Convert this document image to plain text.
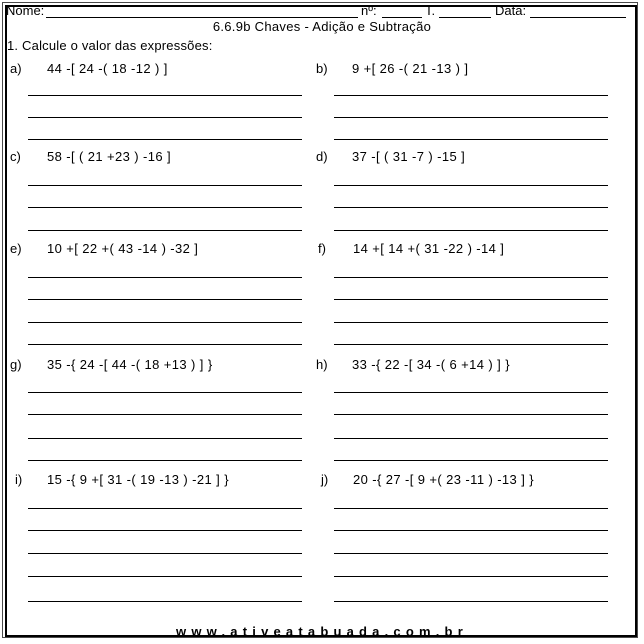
Nome:	nº:	T.	Data:
6.6.9b Chaves - Adição e Subtração
1. Calcule o valor das expressões:
a) 44 -[ 24 -( 18 -12 ) ]	b) 9 +[ 26 -( 21 -13 ) ]
c) 58 -[ ( 21 +23 ) -16 ]	d) 37 -[ ( 31 -7 ) -15 ]
e) 10 +[ 22 +( 43 -14 ) -32 ]	f) 14 +[ 14 +( 31 -22 ) -14 ]
g) 35 -{ 24 -[ 44 -( 18 +13 ) ] }	h) 33 -{ 22 -[ 34 -( 6 +14 ) ] }
i) 15 -{ 9 +[ 31 -( 19 -13 ) -21 ] }	j) 20 -{ 27 -[ 9 +( 23 -11 ) -13 ] }
www.ativeatabuada.com.br
